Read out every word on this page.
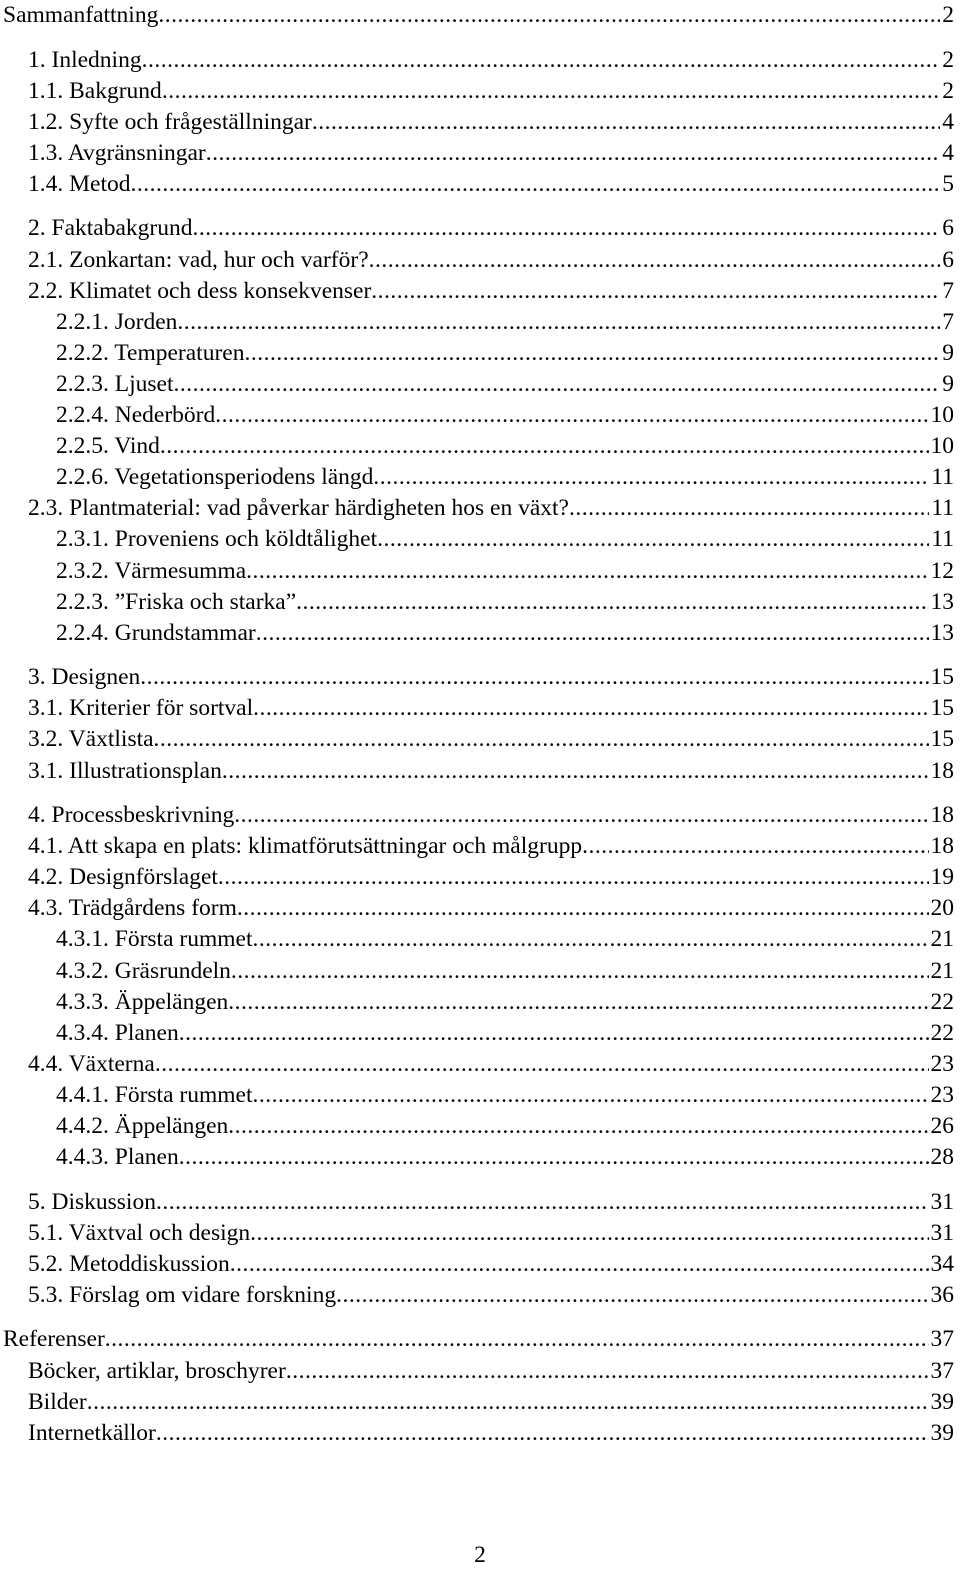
Sammanfattning .....	2
1. Inledning .....	2
1.1. Bakgrund .....	2
1.2. Syfte och frågeställningar .....	4
1.3. Avgränsningar .....	4
1.4. Metod .....	5
2. Faktabakgrund .....	6
2.1. Zonkartan: vad, hur och varför? .....	6
2.2. Klimatet och dess konsekvenser .....	7
2.2.1. Jorden .....	7
2.2.2. Temperaturen .....	9
2.2.3. Ljuset .....	9
2.2.4. Nederbörd .....	10
2.2.5. Vind .....	10
2.2.6. Vegetationsperiodens längd .....	11
2.3. Plantmaterial: vad påverkar härdigheten hos en växt? .....	11
2.3.1. Proveniens och köldtålighet .....	11
2.3.2. Värmesumma .....	12
2.2.3. ”Friska och starka” .....	13
2.2.4. Grundstammar .....	13
3. Designen .....	15
3.1. Kriterier för sortval .....	15
3.2. Växtlista .....	15
3.1. Illustrationsplan .....	18
4. Processbeskrivning .....	18
4.1. Att skapa en plats: klimatförutsättningar och målgrupp .....	18
4.2. Designförslaget .....	19
4.3. Trädgårdens form .....	20
4.3.1. Första rummet .....	21
4.3.2. Gräsrundeln .....	21
4.3.3. Äppelängen .....	22
4.3.4. Planen .....	22
4.4. Växterna .....	23
4.4.1. Första rummet .....	23
4.4.2. Äppelängen .....	26
4.4.3. Planen .....	28
5. Diskussion .....	31
5.1. Växtval och design .....	31
5.2. Metoddiskussion .....	34
5.3. Förslag om vidare forskning .....	36
Referenser .....	37
Böcker, artiklar, broschyrer .....	37
Bilder .....	39
Internetkällor .....	39
2
